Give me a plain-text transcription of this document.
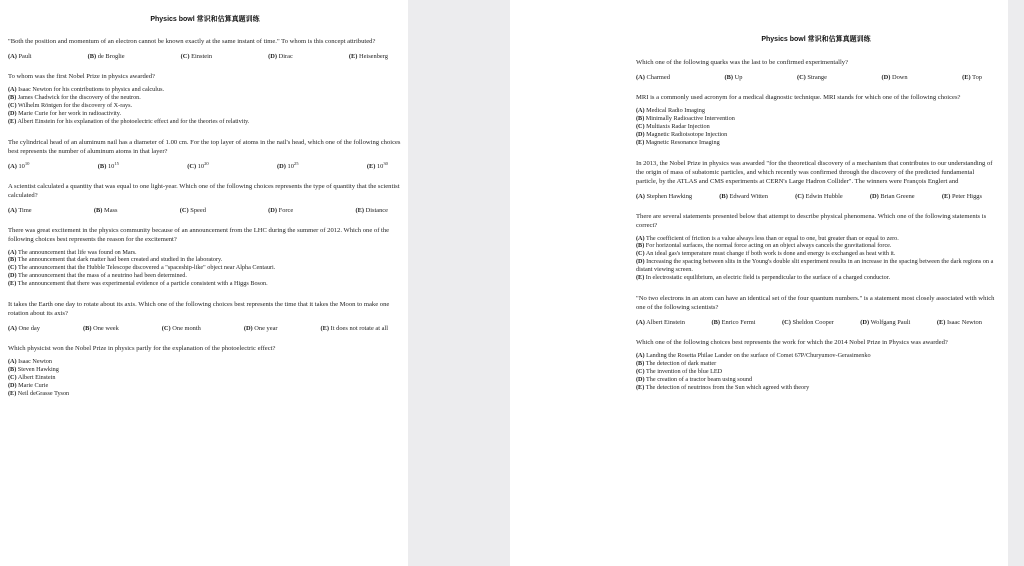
Physics bowl 常识和估算真题训练
"Both the position and momentum of an electron cannot be known exactly at the same instant of time." To whom is this concept attributed?
(A) Pauli	(B) de Broglie	(C) Einstein	(D) Dirac	(E) Heisenberg
To whom was the first Nobel Prize in physics awarded?
(A) Isaac Newton for his contributions to physics and calculus.
(B) James Chadwick for the discovery of the neutron.
(C) Wilhelm Röntgen for the discovery of X-rays.
(D) Marie Curie for her work in radioactivity.
(E) Albert Einstein for his explanation of the photoelectric effect and for the theories of relativity.
The cylindrical head of an aluminum nail has a diameter of 1.00 cm. For the top layer of atoms in the nail's head, which one of the following choices best represents the number of aluminum atoms in that layer?
(A) $10^{10}$	(B) $10^{15}$	(C) $10^{20}$	(D) $10^{25}$	(E) $10^{30}$
A scientist calculated a quantity that was equal to one light-year. Which one of the following choices represents the type of quantity that the scientist calculated?
(A) Time	(B) Mass	(C) Speed	(D) Force	(E) Distance
There was great excitement in the physics community because of an announcement from the LHC during the summer of 2012. Which one of the following choices best represents the reason for the excitement?
(A) The announcement that life was found on Mars.
(B) The announcement that dark matter had been created and studied in the laboratory.
(C) The announcement that the Hubble Telescope discovered a "spaceship-like" object near Alpha Centauri.
(D) The announcement that the mass of a neutrino had been determined.
(E) The announcement that there was experimental evidence of a particle consistent with a Higgs Boson.
It takes the Earth one day to rotate about its axis. Which one of the following choices best represents the time that it takes the Moon to make one rotation about its axis?
(A) One day	(B) One week	(C) One month	(D) One year	(E) It does not rotate at all
Which physicist won the Nobel Prize in physics partly for the explanation of the photoelectric effect?
(A) Isaac Newton
(B) Steven Hawking
(C) Albert Einstein
(D) Marie Curie
(E) Neil deGrasse Tyson
Physics bowl 常识和估算真题训练
Which one of the following quarks was the last to be confirmed experimentally?
(A) Charmed	(B) Up	(C) Strange	(D) Down	(E) Top
MRI is a commonly used acronym for a medical diagnostic technique. MRI stands for which one of the following choices?
(A) Medical Radio Imaging
(B) Minimally Radioactive Intervention
(C) Multiaxis Radar Injection
(D) Magnetic Radioisotope Injection
(E) Magnetic Resonance Imaging
In 2013, the Nobel Prize in physics was awarded "for the theoretical discovery of a mechanism that contributes to our understanding of the origin of mass of subatomic particles, and which recently was confirmed through the discovery of the predicted fundamental particle, by the ATLAS and CMS experiments at CERN's Large Hadron Collider". The winners were François Englert and
(A) Stephen Hawking	(B) Edward Witten	(C) Edwin Hubble	(D) Brian Greene	(E) Peter Higgs
There are several statements presented below that attempt to describe physical phenomena. Which one of the following statements is correct?
(A) The coefficient of friction is a value always less than or equal to one, but greater than or equal to zero.
(B) For horizontal surfaces, the normal force acting on an object always cancels the gravitational force.
(C) An ideal gas's temperature must change if both work is done and energy is exchanged as heat with it.
(D) Increasing the spacing between slits in the Young's double slit experiment results in an increase in the spacing between the dark regions on a distant viewing screen.
(E) In electrostatic equilibrium, an electric field is perpendicular to the surface of a charged conductor.
"No two electrons in an atom can have an identical set of the four quantum numbers." is a statement most closely associated with which one of the following scientists?
(A) Albert Einstein	(B) Enrico Fermi	(C) Sheldon Cooper	(D) Wolfgang Pauli	(E) Isaac Newton
Which one of the following choices best represents the work for which the 2014 Nobel Prize in Physics was awarded?
(A) Landing the Rosetta Philae Lander on the surface of Comet 67P/Churyumov-Gerasimenko
(B) The detection of dark matter
(C) The invention of the blue LED
(D) The creation of a tractor beam using sound
(E) The detection of neutrinos from the Sun which agreed with theory
